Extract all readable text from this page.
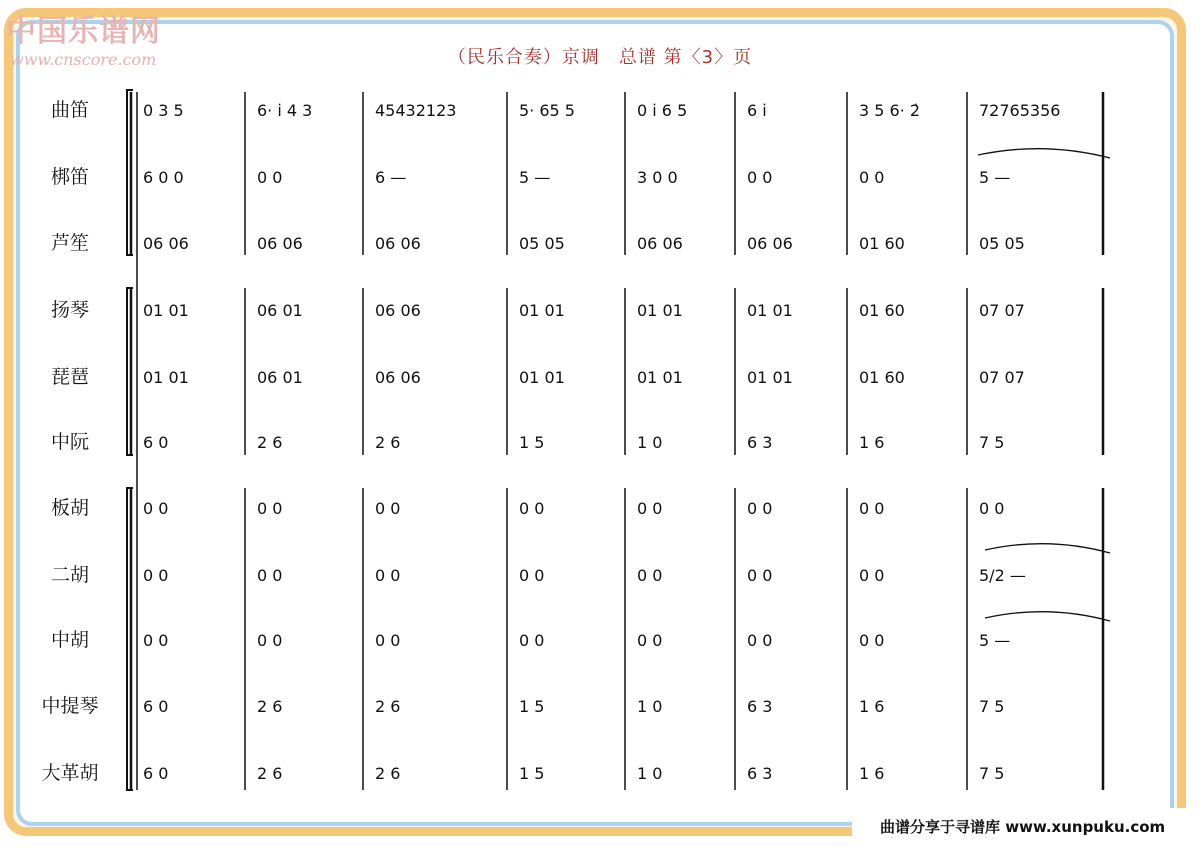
中国乐谱网
www.cnscore.com	（民乐合奏）京调　总谱 第〈3〉页
曲笛	0 3 5	6· i̇ 4 3	45432123	5· 65 5	0 i̇ 6 5	6 i̇	3 5 6· 2̇	72765356
梆笛	6 0 0	0 0	6 —	5 —	3 0 0	0 0	0 0	5 —
芦笙	06 06	06 06	06 06	05 05	06 06	06 06	01 60	05 05
扬琴	01 01	06 01	06 06	01 01	01 01	01 01	01 60	07 07
琵琶	01 01	06 01	06 06	01 01	01 01	01 01	01 60	07 07
中阮	6 0	2 6	2 6	1 5	1 0	6 3	1 6	7 5
板胡	0 0	0 0	0 0	0 0	0 0	0 0	0 0	0 0
二胡	0 0	0 0	0 0	0 0	0 0	0 0	0 0	5/2 —
中胡	0 0	0 0	0 0	0 0	0 0	0 0	0 0	5 —
中提琴	6 0	2 6	2 6	1 5	1 0	6 3	1 6	7 5
大革胡	6 0	2 6	2 6	1 5	1 0	6 3	1 6	7 5
曲谱分享于寻谱库 www.xunpuku.com
